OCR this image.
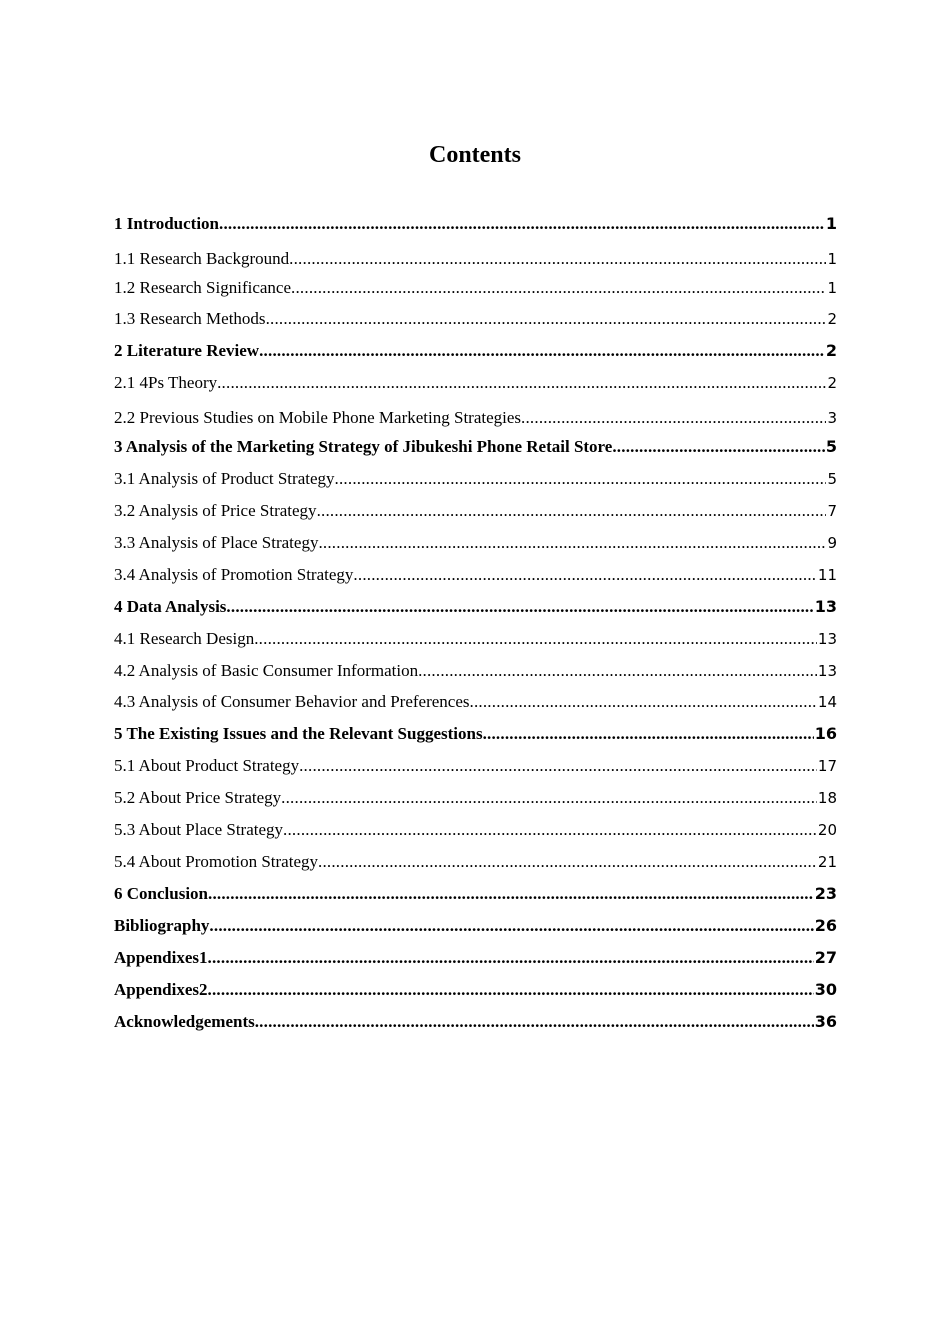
Contents
1 Introduction .....	1
1.1 Research Background .....	1
1.2 Research Significance .....	1
1.3 Research Methods .....	2
2 Literature Review .....	2
2.1 4Ps Theory .....	2
2.2 Previous Studies on Mobile Phone Marketing Strategies .....	3
3 Analysis of the Marketing Strategy of Jibukeshi Phone Retail Store .....	5
3.1 Analysis of Product Strategy .....	5
3.2 Analysis of Price Strategy .....	7
3.3 Analysis of Place Strategy .....	9
3.4 Analysis of Promotion Strategy .....	11
4 Data Analysis .....	13
4.1 Research Design .....	13
4.2 Analysis of Basic Consumer Information .....	13
4.3 Analysis of Consumer Behavior and Preferences .....	14
5 The Existing Issues and the Relevant Suggestions .....	16
5.1 About Product Strategy .....	17
5.2 About Price Strategy .....	18
5.3 About Place Strategy .....	20
5.4 About Promotion Strategy .....	21
6 Conclusion .....	23
Bibliography .....	26
Appendixes1 .....	27
Appendixes2 .....	30
Acknowledgements .....	36
